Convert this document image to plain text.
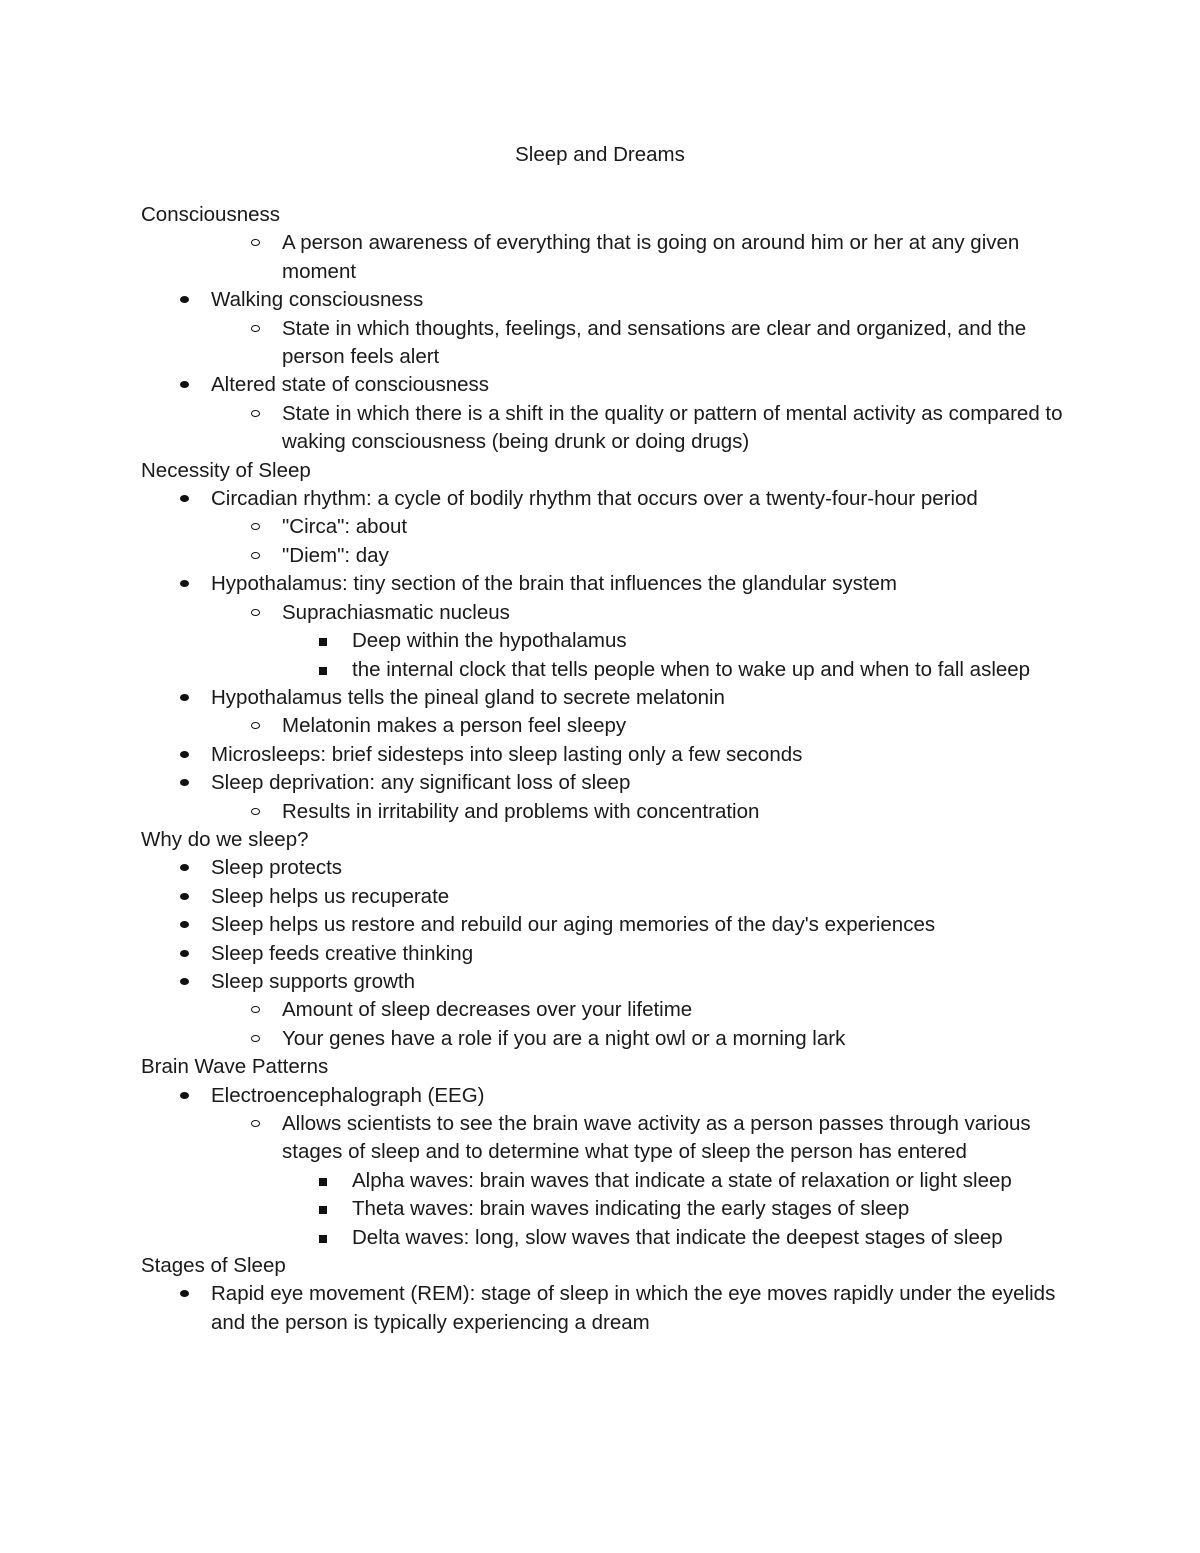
Sleep and Dreams
Consciousness
A person awareness of everything that is going on around him or her at any given moment
Walking consciousness
State in which thoughts, feelings, and sensations are clear and organized, and the person feels alert
Altered state of consciousness
State in which there is a shift in the quality or pattern of mental activity as compared to waking consciousness (being drunk or doing drugs)
Necessity of Sleep
Circadian rhythm: a cycle of bodily rhythm that occurs over a twenty-four-hour period
"Circa": about
"Diem": day
Hypothalamus: tiny section of the brain that influences the glandular system
Suprachiasmatic nucleus
Deep within the hypothalamus
the internal clock that tells people when to wake up and when to fall asleep
Hypothalamus tells the pineal gland to secrete melatonin
Melatonin makes a person feel sleepy
Microsleeps: brief sidesteps into sleep lasting only a few seconds
Sleep deprivation: any significant loss of sleep
Results in irritability and problems with concentration
Why do we sleep?
Sleep protects
Sleep helps us recuperate
Sleep helps us restore and rebuild our aging memories of the day's experiences
Sleep feeds creative thinking
Sleep supports growth
Amount of sleep decreases over your lifetime
Your genes have a role if you are a night owl or a morning lark
Brain Wave Patterns
Electroencephalograph (EEG)
Allows scientists to see the brain wave activity as a person passes through various stages of sleep and to determine what type of sleep the person has entered
Alpha waves: brain waves that indicate a state of relaxation or light sleep
Theta waves: brain waves indicating the early stages of sleep
Delta waves: long, slow waves that indicate the deepest stages of sleep
Stages of Sleep
Rapid eye movement (REM): stage of sleep in which the eye moves rapidly under the eyelids and the person is typically experiencing a dream
